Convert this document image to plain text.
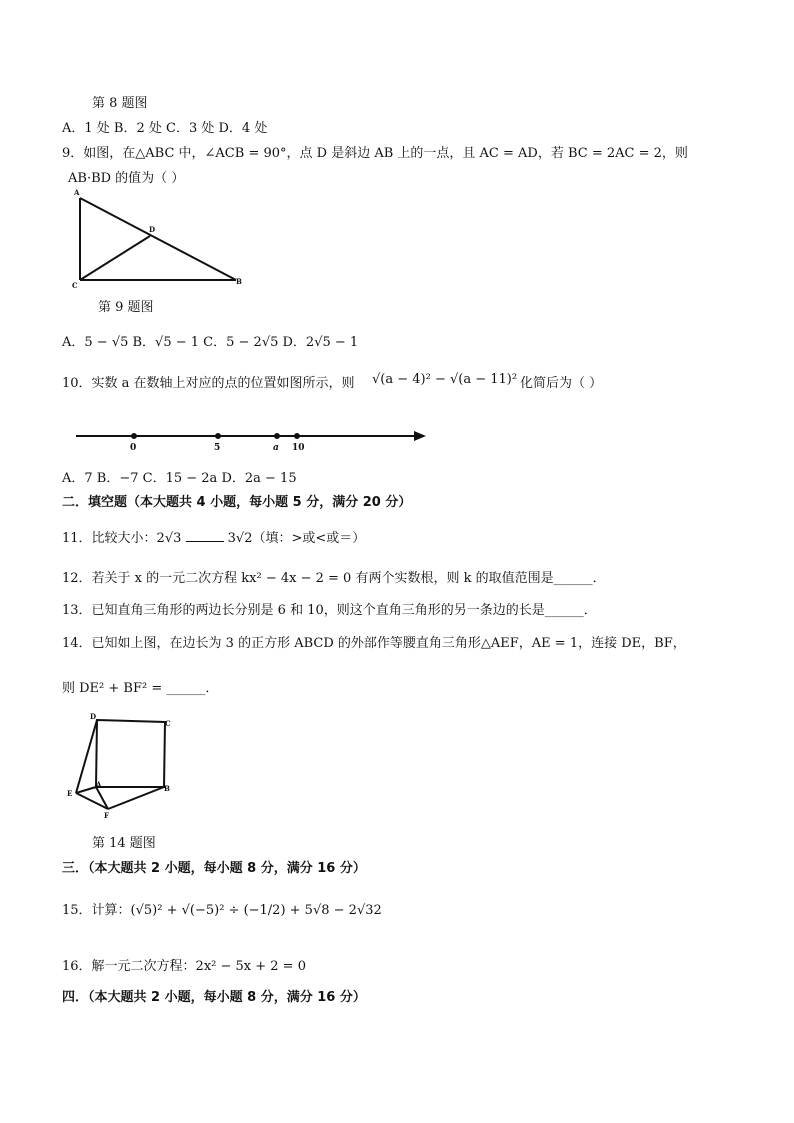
第 8 题图
A．1 处 B．2 处 C．3 处 D．4 处
9．如图，在△ABC 中，∠ACB = 90°，点 D 是斜边 AB 上的一点，且 AC = AD，若 BC = 2AC = 2，则
AB·BD 的值为（ ）
A
D
C	B
第 9 题图
A．5 − √5 B．√5 − 1 C．5 − 2√5 D．2√5 − 1
10．实数 a 在数轴上对应的点的位置如图所示，则 √(a − 4)² − √(a − 11)² 化简后为（ ）
0	5	a 10
A．7 B．−7 C．15 − 2a D．2a − 15
二．填空题（本大题共 4 小题，每小题 5 分，满分 20 分）
11．比较大小：2√3	3√2（填：>或<或＝）
12．若关于 x 的一元二次方程 kx² − 4x − 2 = 0 有两个实数根，则 k 的取值范围是______．
13．已知直角三角形的两边长分别是 6 和 10，则这个直角三角形的另一条边的长是______．
14．已知如上图，在边长为 3 的正方形 ABCD 的外部作等腰直角三角形△AEF，AE = 1，连接 DE，BF，
则 DE² + BF² = ______．
D
C
A	B
E
F
第 14 题图
三．（本大题共 2 小题，每小题 8 分，满分 16 分）
15．计算：(√5)² + √(−5)² ÷ (−1/2) + 5√8 − 2√32
16．解一元二次方程：2x² − 5x + 2 = 0
四．（本大题共 2 小题，每小题 8 分，满分 16 分）
